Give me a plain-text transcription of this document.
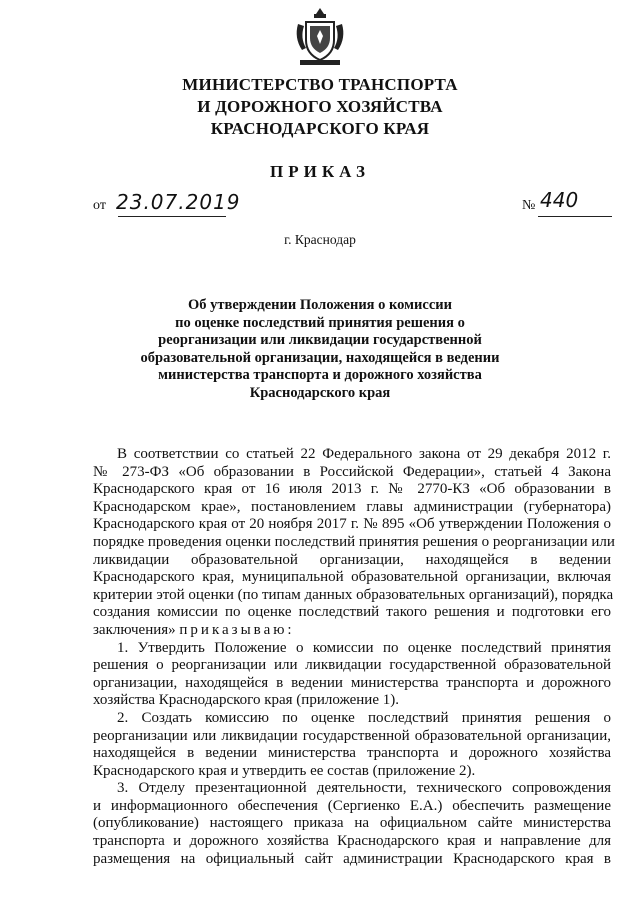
МИНИСТЕРСТВО ТРАНСПОРТА
И ДОРОЖНОГО ХОЗЯЙСТВА
КРАСНОДАРСКОГО КРАЯ
ПРИКАЗ
от 23.07.2019	№ 440
г. Краснодар
Об утверждении Положения о комиссии
по оценке последствий принятия решения о
реорганизации или ликвидации государственной
образовательной организации, находящейся в ведении
министерства транспорта и дорожного хозяйства
Краснодарского края
В соответствии со статьей 22 Федерального закона от 29 декабря 2012 г.
№ 273-ФЗ «Об образовании в Российской Федерации», статьей 4 Закона
Краснодарского края от 16 июля 2013 г. № 2770-КЗ «Об образовании в
Краснодарском крае», постановлением главы администрации (губернатора)
Краснодарского края от 20 ноября 2017 г. № 895 «Об утверждении Положения о
порядке проведения оценки последствий принятия решения о реорганизации или
ликвидации образовательной организации, находящейся в ведении
Краснодарского края, муниципальной образовательной организации, включая
критерии этой оценки (по типам данных образовательных организаций), порядка
создания комиссии по оценке последствий такого решения и подготовки его
заключения» приказываю:
1. Утвердить Положение о комиссии по оценке последствий принятия
решения о реорганизации или ликвидации государственной образовательной
организации, находящейся в ведении министерства транспорта и дорожного
хозяйства Краснодарского края (приложение 1).
2. Создать комиссию по оценке последствий принятия решения о
реорганизации или ликвидации государственной образовательной организации,
находящейся в ведении министерства транспорта и дорожного хозяйства
Краснодарского края и утвердить ее состав (приложение 2).
3. Отделу презентационной деятельности, технического сопровождения
и информационного обеспечения (Сергиенко Е.А.) обеспечить размещение
(опубликование) настоящего приказа на официальном сайте министерства
транспорта и дорожного хозяйства Краснодарского края и направление для
размещения на официальный сайт администрации Краснодарского края в
